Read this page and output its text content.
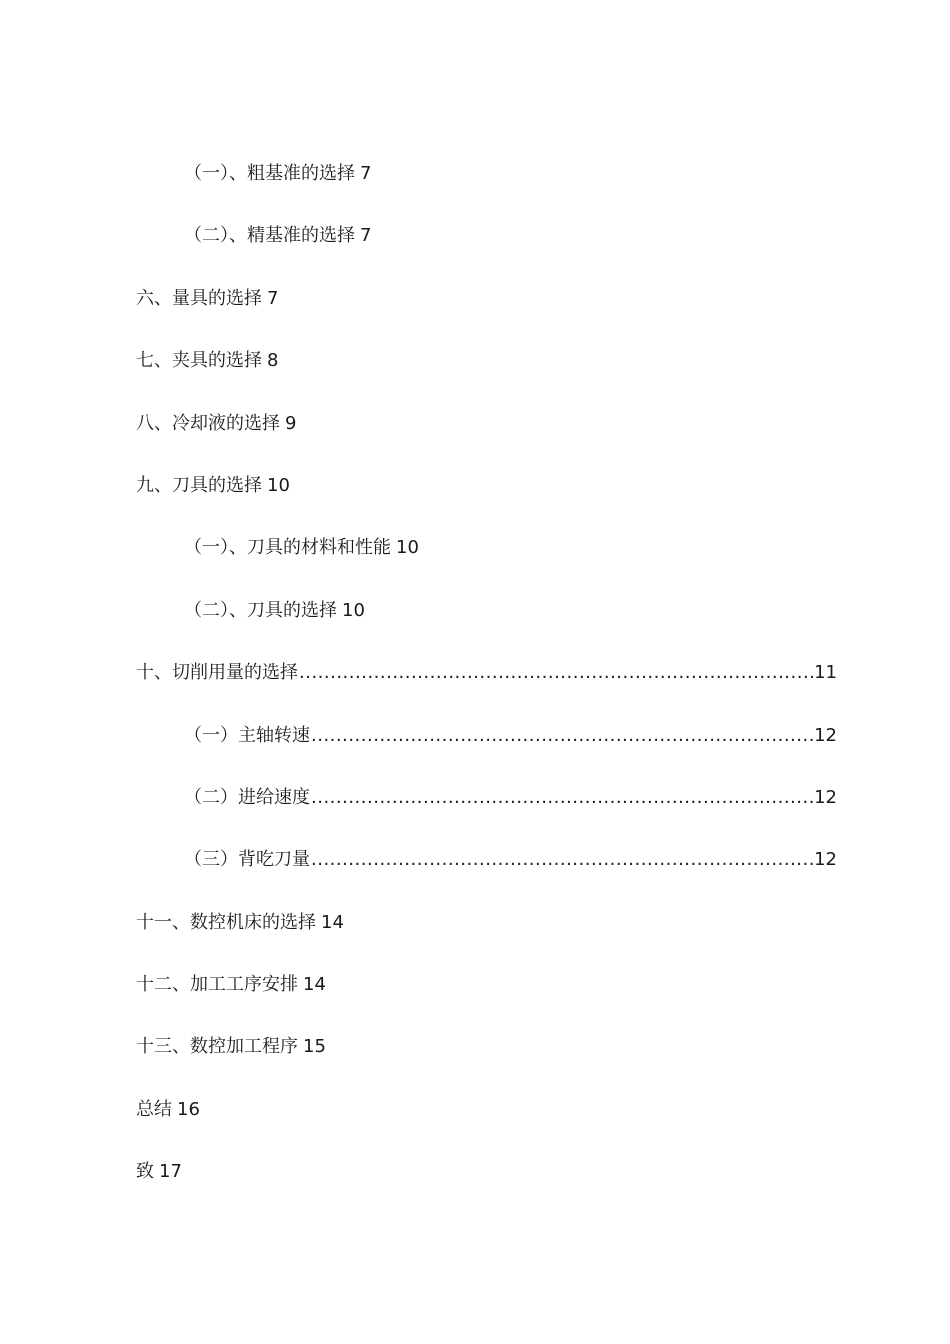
（一）、粗基准的选择 7
（二）、精基准的选择 7
六、量具的选择 7
七、夹具的选择 8
八、冷却液的选择 9
九、刀具的选择 10
（一）、刀具的材料和性能 10
（二）、刀具的选择 10
十、切削用量的选择 .....	11
（一）主轴转速 .....	12
（二）进给速度 .....	12
（三）背吃刀量 .....	12
十一、数控机床的选择 14
十二、加工工序安排 14
十三、数控加工程序 15
总结 16
致 17
